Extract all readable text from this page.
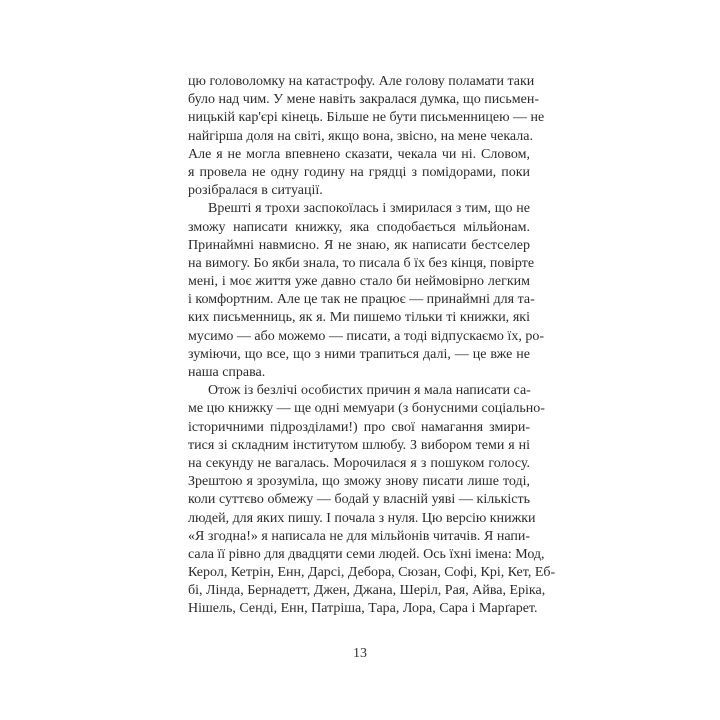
цю головоломку на катастрофу. Але голову поламати таки
було над чим. У мене навіть закралася думка, що письмен-
ницькій кар'єрі кінець. Більше не бути письменницею — не
найгірша доля на світі, якщо вона, звісно, на мене чекала.
Але я не могла впевнено сказати, чекала чи ні. Словом,
я провела не одну годину на грядці з помідорами, поки
розібралася в ситуації.
Врешті я трохи заспокоїлась і змирилася з тим, що не
зможу написати книжку, яка сподобається мільйонам.
Принаймні навмисно. Я не знаю, як написати бестселер
на вимогу. Бо якби знала, то писала б їх без кінця, повірте
мені, і моє життя уже давно стало би неймовірно легким
і комфортним. Але це так не працює — принаймні для та-
ких письменниць, як я. Ми пишемо тільки ті книжки, які
мусимо — або можемо — писати, а тоді відпускаємо їх, ро-
зуміючи, що все, що з ними трапиться далі, — це вже не
наша справа.
Отож із безлічі особистих причин я мала написати са-
ме цю книжку — ще одні мемуари (з бонусними соціально-
історичними підрозділами!) про свої намагання змири-
тися зі складним інститутом шлюбу. З вибором теми я ні
на секунду не вагалась. Морочилася я з пошуком голосу.
Зрештою я зрозуміла, що зможу знову писати лише тоді,
коли суттєво обмежу — бодай у власній уяві — кількість
людей, для яких пишу. І почала з нуля. Цю версію книжки
«Я згодна!» я написала не для мільйонів читачів. Я напи-
сала її рівно для двадцяти семи людей. Ось їхні імена: Мод,
Керол, Кетрін, Енн, Дарсі, Дебора, Сюзан, Софі, Крі, Кет, Еб-
бі, Лінда, Бернадетт, Джен, Джана, Шеріл, Рая, Айва, Еріка,
Нішель, Сенді, Енн, Патріша, Тара, Лора, Сара і Марґарет.
13
